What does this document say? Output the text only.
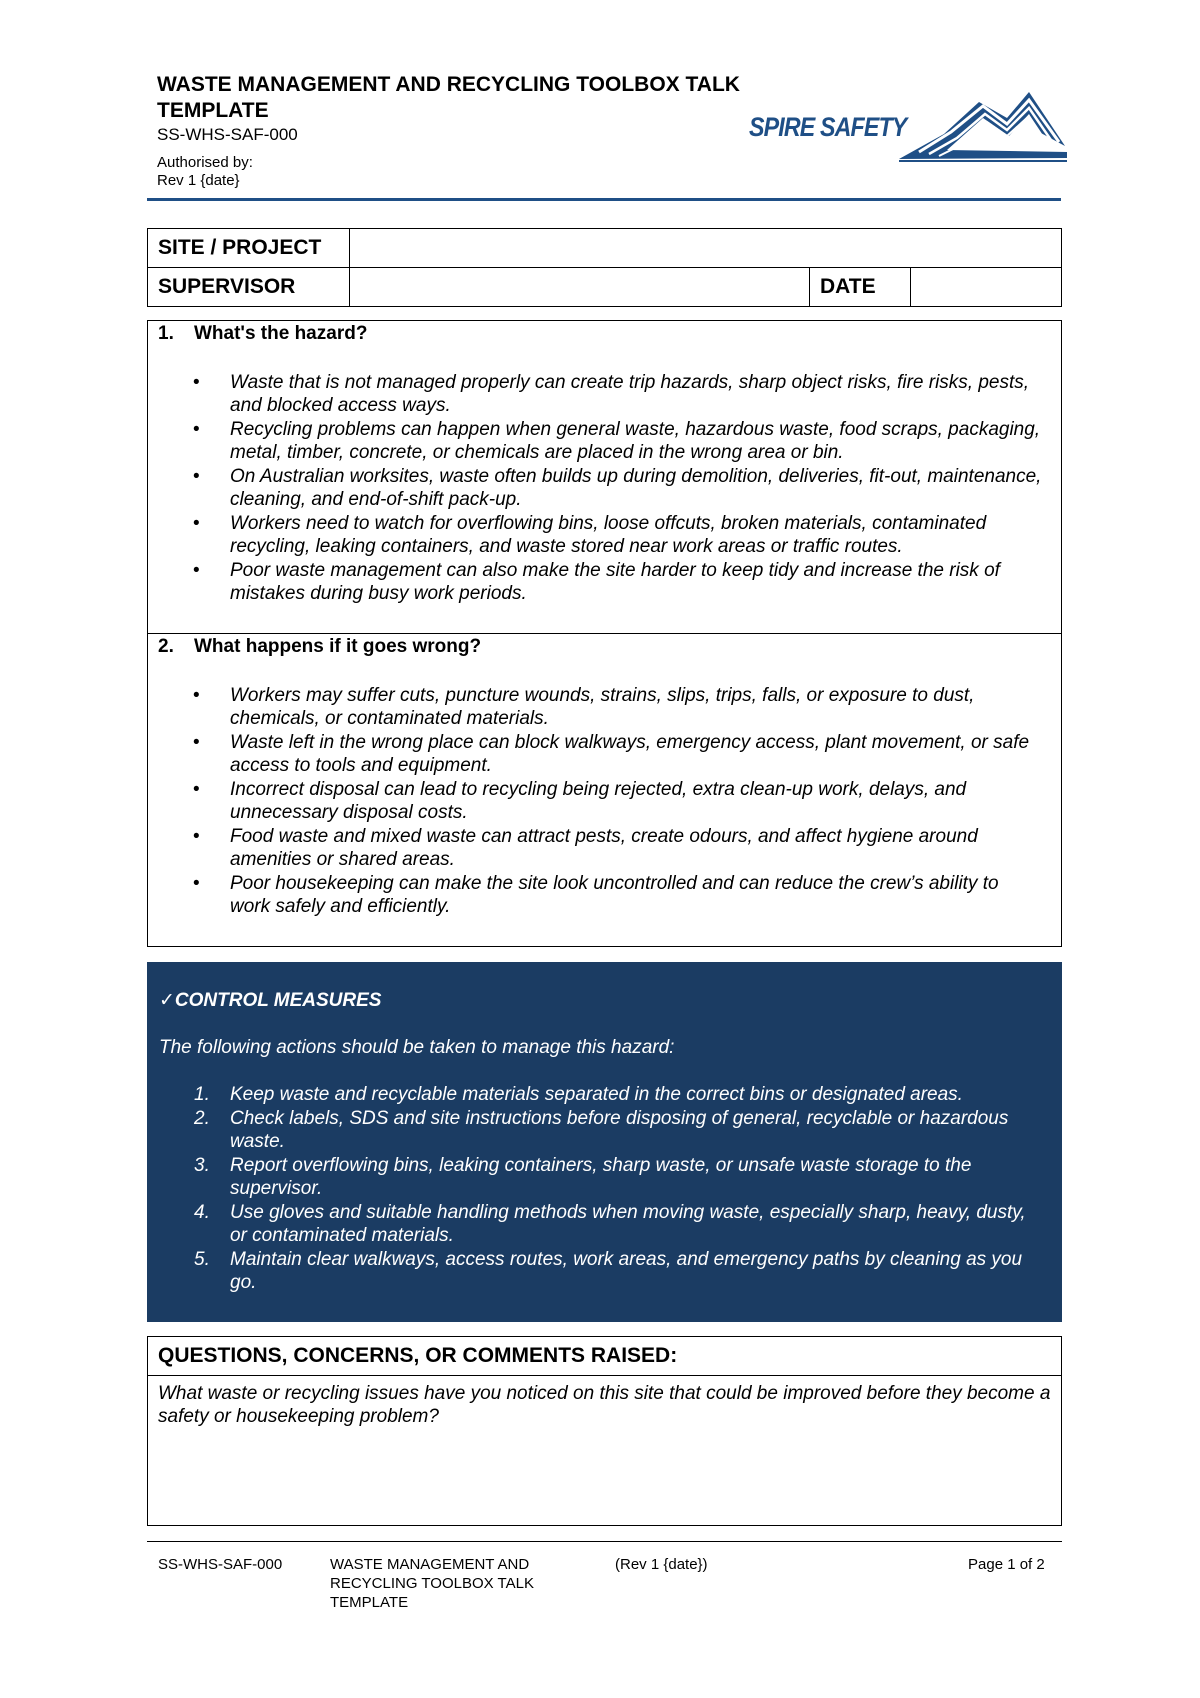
WASTE MANAGEMENT AND RECYCLING TOOLBOX TALK TEMPLATE
SS-WHS-SAF-000
Authorised by:
Rev 1 {date}
SPIRE SAFETY
SITE / PROJECT			
SUPERVISOR		DATE	
1.	What's the hazard?
• Waste that is not managed properly can create trip hazards, sharp object risks, fire risks, pests, and blocked access ways.
• Recycling problems can happen when general waste, hazardous waste, food scraps, packaging, metal, timber, concrete, or chemicals are placed in the wrong area or bin.
• On Australian worksites, waste often builds up during demolition, deliveries, fit-out, maintenance, cleaning, and end-of-shift pack-up.
• Workers need to watch for overflowing bins, loose offcuts, broken materials, contaminated recycling, leaking containers, and waste stored near work areas or traffic routes.
• Poor waste management can also make the site harder to keep tidy and increase the risk of mistakes during busy work periods.
2.	What happens if it goes wrong?
• Workers may suffer cuts, puncture wounds, strains, slips, trips, falls, or exposure to dust, chemicals, or contaminated materials.
• Waste left in the wrong place can block walkways, emergency access, plant movement, or safe access to tools and equipment.
• Incorrect disposal can lead to recycling being rejected, extra clean-up work, delays, and unnecessary disposal costs.
• Food waste and mixed waste can attract pests, create odours, and affect hygiene around amenities or shared areas.
• Poor housekeeping can make the site look uncontrolled and can reduce the crew’s ability to work safely and efficiently.
✓CONTROL MEASURES
The following actions should be taken to manage this hazard:
1. Keep waste and recyclable materials separated in the correct bins or designated areas.
2. Check labels, SDS and site instructions before disposing of general, recyclable or hazardous waste.
3. Report overflowing bins, leaking containers, sharp waste, or unsafe waste storage to the supervisor.
4. Use gloves and suitable handling methods when moving waste, especially sharp, heavy, dusty, or contaminated materials.
5. Maintain clear walkways, access routes, work areas, and emergency paths by cleaning as you go.
QUESTIONS, CONCERNS, OR COMMENTS RAISED:
What waste or recycling issues have you noticed on this site that could be improved before they become a safety or housekeeping problem?
SS-WHS-SAF-000	WASTE MANAGEMENT AND RECYCLING TOOLBOX TALK TEMPLATE
(Rev 1 {date})	Page 1 of 2
